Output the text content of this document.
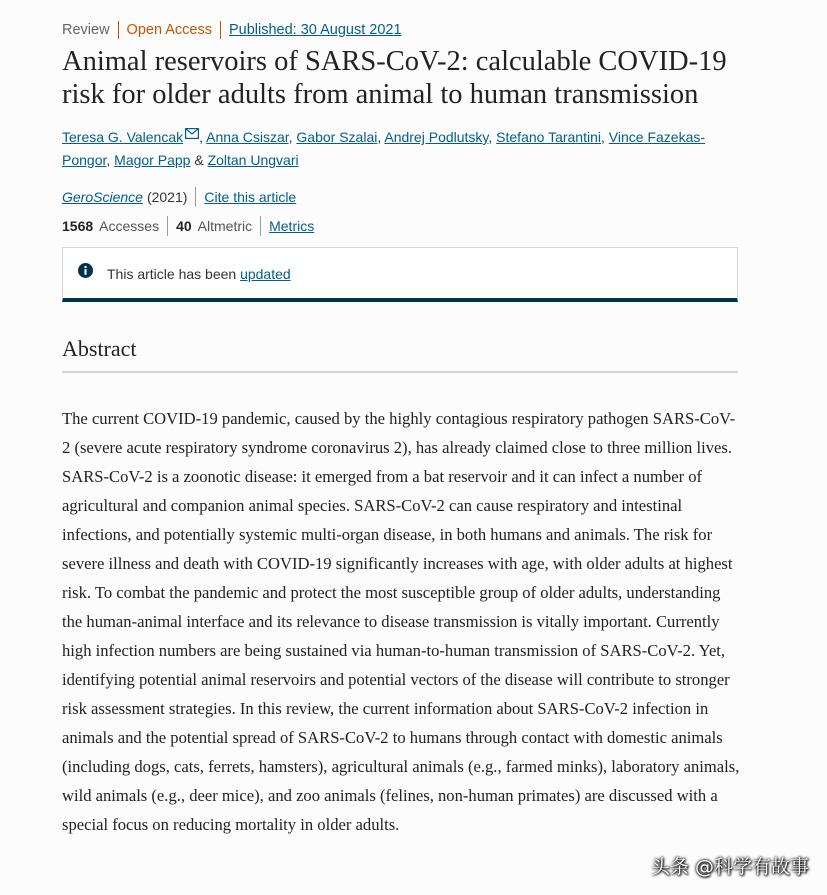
Review Open Access Published: 30 August 2021
Animal reservoirs of SARS-CoV-2: calculable COVID-19 risk for older adults from animal to human transmission
Teresa G. Valencak , Anna Csiszar, Gabor Szalai, Andrej Podlutsky, Stefano Tarantini, Vince Fazekas-Pongor, Magor Papp & Zoltan Ungvari
GeroScience (2021) Cite this article
1568 Accesses 40 Altmetric Metrics
This article has been updated
Abstract

The current COVID-19 pandemic, caused by the highly contagious respiratory pathogen SARS-CoV-2 (severe acute respiratory syndrome coronavirus 2), has already claimed close to three million lives. SARS-CoV-2 is a zoonotic disease: it emerged from a bat reservoir and it can infect a number of agricultural and companion animal species. SARS-CoV-2 can cause respiratory and intestinal infections, and potentially systemic multi-organ disease, in both humans and animals. The risk for severe illness and death with COVID-19 significantly increases with age, with older adults at highest risk. To combat the pandemic and protect the most susceptible group of older adults, understanding the human-animal interface and its relevance to disease transmission is vitally important. Currently high infection numbers are being sustained via human-to-human transmission of SARS-CoV-2. Yet, identifying potential animal reservoirs and potential vectors of the disease will contribute to stronger risk assessment strategies. In this review, the current information about SARS-CoV-2 infection in animals and the potential spread of SARS-CoV-2 to humans through contact with domestic animals (including dogs, cats, ferrets, hamsters), agricultural animals (e.g., farmed minks), laboratory animals, wild animals (e.g., deer mice), and zoo animals (felines, non-human primates) are discussed with a special focus on reducing mortality in older adults.

头条 @科学有故事
